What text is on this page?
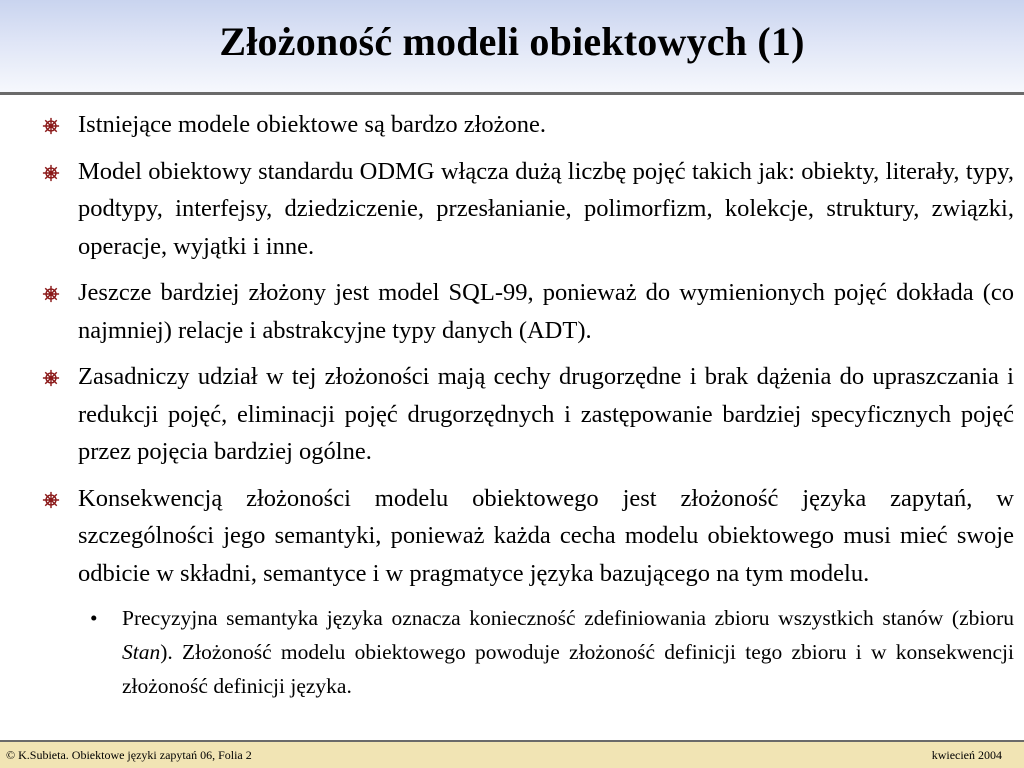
Złożoność modeli obiektowych (1)
Istniejące modele obiektowe są bardzo złożone.
Model obiektowy standardu ODMG włącza dużą liczbę pojęć takich jak: obiekty, literały, typy, podtypy, interfejsy, dziedziczenie, przesłanianie, polimorfizm, kolekcje, struktury, związki, operacje, wyjątki i inne.
Jeszcze bardziej złożony jest model SQL-99, ponieważ do wymienionych pojęć dokłada (co najmniej) relacje i abstrakcyjne typy danych (ADT).
Zasadniczy udział w tej złożoności mają cechy drugorzędne i brak dążenia do upraszczania i redukcji pojęć, eliminacji pojęć drugorzędnych i zastępowanie bardziej specyficznych pojęć przez pojęcia bardziej ogólne.
Konsekwencją złożoności modelu obiektowego jest złożoność języka zapytań, w szczególności jego semantyki, ponieważ każda cecha modelu obiektowego musi mieć swoje odbicie w składni, semantyce i w pragmatyce języka bazującego na tym modelu.
• Precyzyjna semantyka języka oznacza konieczność zdefiniowania zbioru wszystkich stanów (zbioru Stan). Złożoność modelu obiektowego powoduje złożoność definicji tego zbioru i w konsekwencji złożoność definicji języka.
© K.Subieta. Obiektowe języki zapytań 06, Folia 2	kwiecień 2004
